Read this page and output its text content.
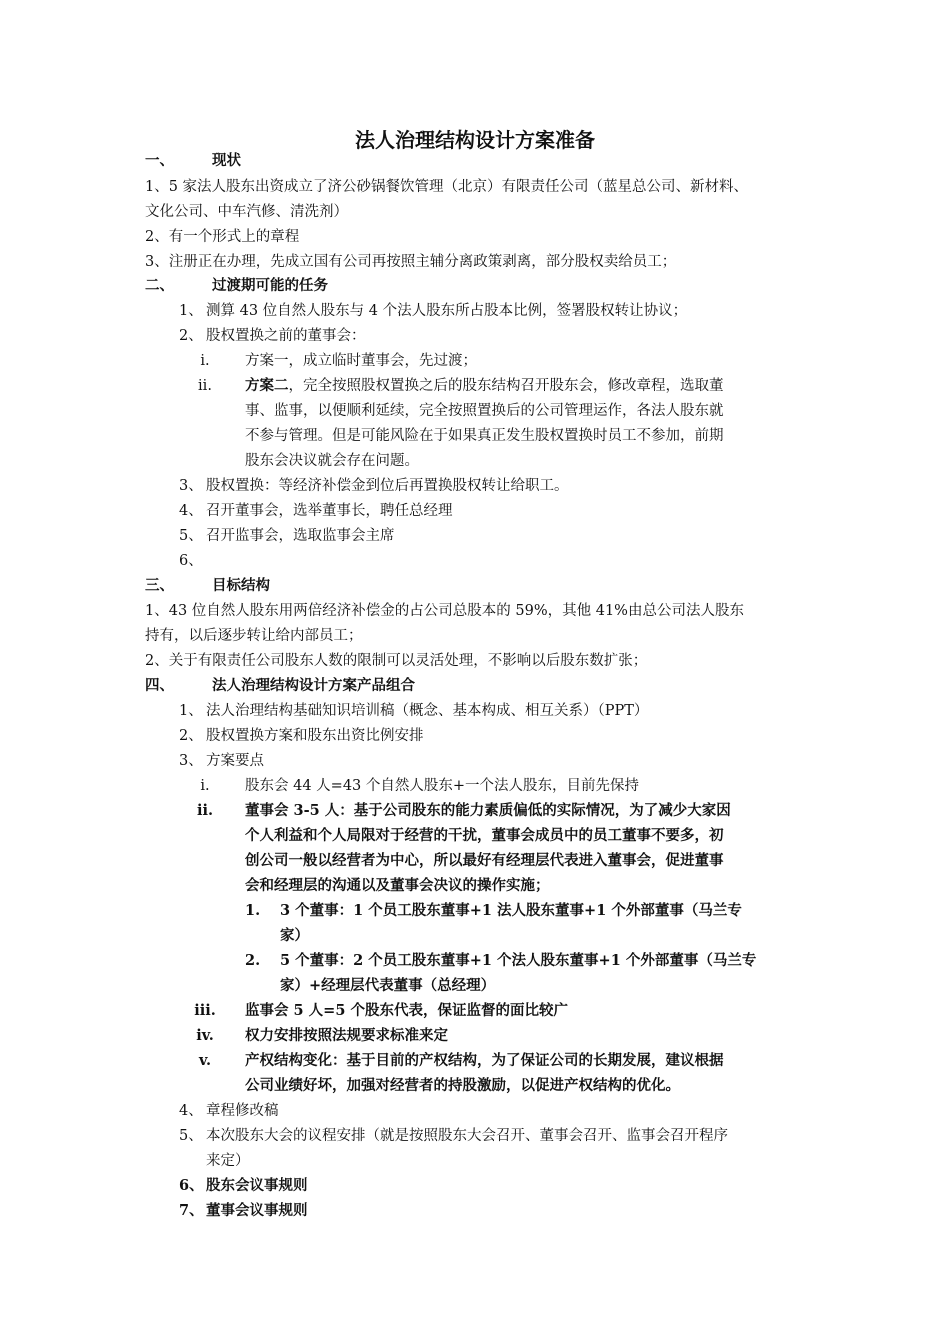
法人治理结构设计方案准备
一、	现状
1、5 家法人股东出资成立了济公砂锅餐饮管理（北京）有限责任公司（蓝星总公司、新材料、
文化公司、中车汽修、清洗剂）
2、有一个形式上的章程
3、注册正在办理，先成立国有公司再按照主辅分离政策剥离，部分股权卖给员工；
二、	过渡期可能的任务
1、 测算 43 位自然人股东与 4 个法人股东所占股本比例，签署股权转让协议；
2、 股权置换之前的董事会：
i.	方案一，成立临时董事会，先过渡；
ii.	方案二，完全按照股权置换之后的股东结构召开股东会，修改章程，选取董
事、监事，以便顺利延续，完全按照置换后的公司管理运作，各法人股东就
不参与管理。但是可能风险在于如果真正发生股权置换时员工不参加，前期
股东会决议就会存在问题。
3、 股权置换：等经济补偿金到位后再置换股权转让给职工。
4、 召开董事会，选举董事长，聘任总经理
5、 召开监事会，选取监事会主席
6、
三、	目标结构
1、43 位自然人股东用两倍经济补偿金的占公司总股本的 59%，其他 41%由总公司法人股东
持有，以后逐步转让给内部员工；
2、关于有限责任公司股东人数的限制可以灵活处理，不影响以后股东数扩张；
四、	法人治理结构设计方案产品组合
1、 法人治理结构基础知识培训稿（概念、基本构成、相互关系）（PPT）
2、 股权置换方案和股东出资比例安排
3、 方案要点
i.	股东会 44 人=43 个自然人股东+一个法人股东，目前先保持
ii.	董事会 3-5 人：基于公司股东的能力素质偏低的实际情况，为了减少大家因
个人利益和个人局限对于经营的干扰，董事会成员中的员工董事不要多，初
创公司一般以经营者为中心，所以最好有经理层代表进入董事会，促进董事
会和经理层的沟通以及董事会决议的操作实施；
1. 3 个董事：1 个员工股东董事+1 法人股东董事+1 个外部董事（马兰专
家）
2. 5 个董事：2 个员工股东董事+1 个法人股东董事+1 个外部董事（马兰专
家）+经理层代表董事（总经理）
iii. 监事会 5 人=5 个股东代表，保证监督的面比较广
iv.	权力安排按照法规要求标准来定
v.	产权结构变化：基于目前的产权结构，为了保证公司的长期发展，建议根据
公司业绩好坏，加强对经营者的持股激励，以促进产权结构的优化。
4、 章程修改稿
5、 本次股东大会的议程安排（就是按照股东大会召开、董事会召开、监事会召开程序
来定）
6、 股东会议事规则
7、 董事会议事规则
